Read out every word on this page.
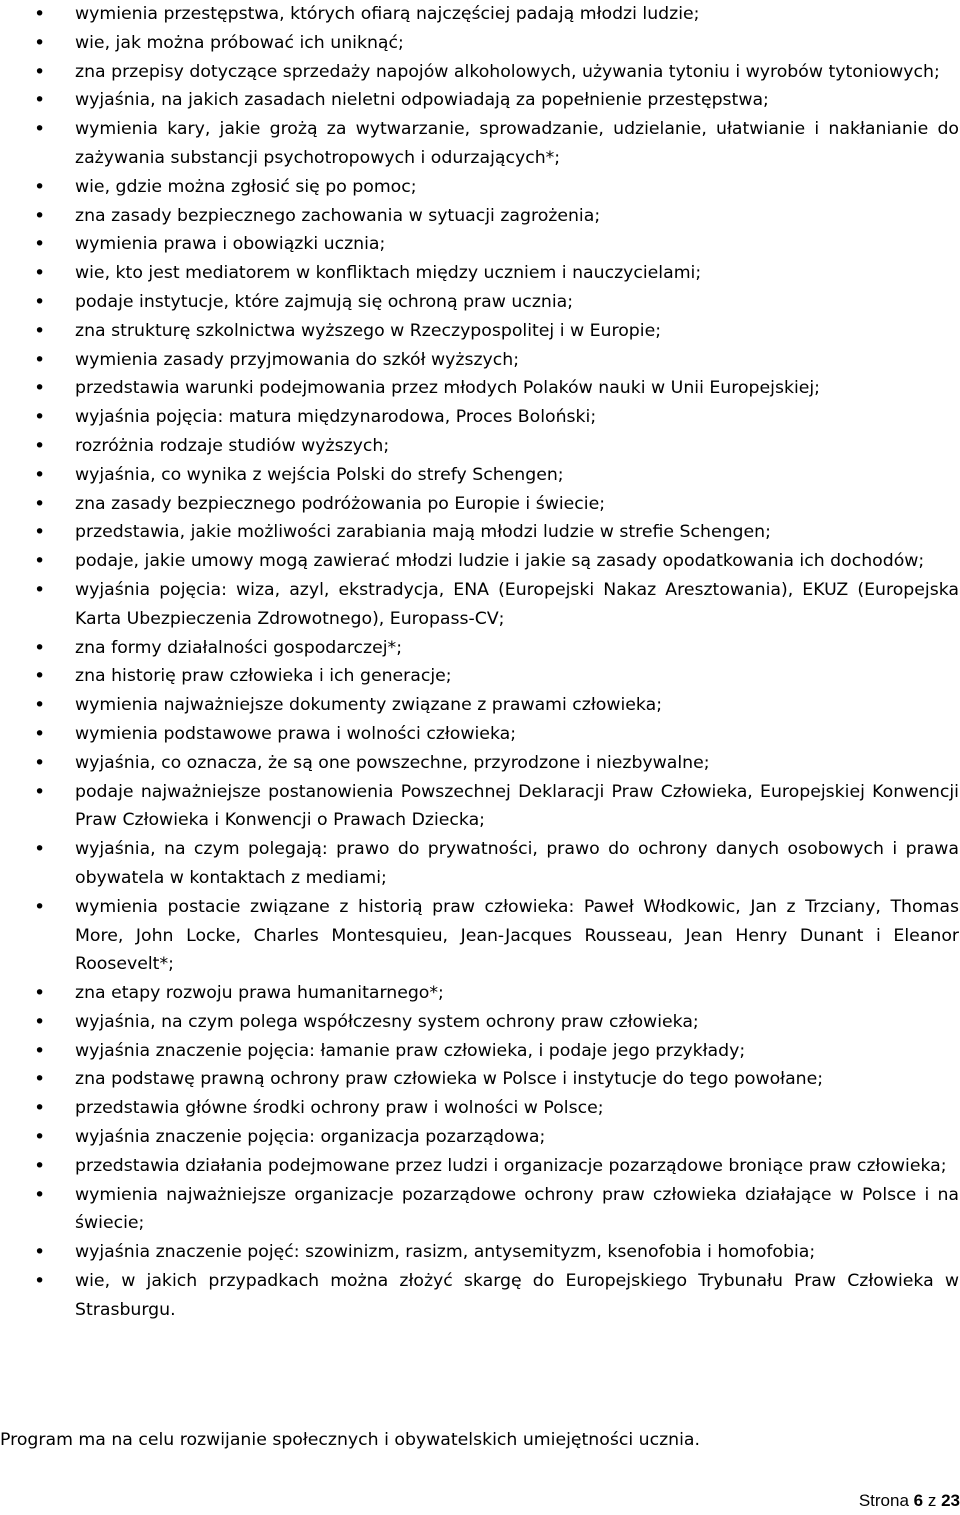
• wymienia przestępstwa, których ofiarą najczęściej padają młodzi ludzie;
• wie, jak można próbować ich uniknąć;
• zna przepisy dotyczące sprzedaży napojów alkoholowych, używania tytoniu i wyrobów tytoniowych;
• wyjaśnia, na jakich zasadach nieletni odpowiadają za popełnienie przestępstwa;
• wymienia kary, jakie grożą za wytwarzanie, sprowadzanie, udzielanie, ułatwianie i nakłanianie do zażywania substancji psychotropowych i odurzających*;
• wie, gdzie można zgłosić się po pomoc;
• zna zasady bezpiecznego zachowania w sytuacji zagrożenia;
• wymienia prawa i obowiązki ucznia;
• wie, kto jest mediatorem w konfliktach między uczniem i nauczycielami;
• podaje instytucje, które zajmują się ochroną praw ucznia;
• zna strukturę szkolnictwa wyższego w Rzeczypospolitej i w Europie;
• wymienia zasady przyjmowania do szkół wyższych;
• przedstawia warunki podejmowania przez młodych Polaków nauki w Unii Europejskiej;
• wyjaśnia pojęcia: matura międzynarodowa, Proces Boloński;
• rozróżnia rodzaje studiów wyższych;
• wyjaśnia, co wynika z wejścia Polski do strefy Schengen;
• zna zasady bezpiecznego podróżowania po Europie i świecie;
• przedstawia, jakie możliwości zarabiania mają młodzi ludzie w strefie Schengen;
• podaje, jakie umowy mogą zawierać młodzi ludzie i jakie są zasady opodatkowania ich dochodów;
• wyjaśnia pojęcia: wiza, azyl, ekstradycja, ENA (Europejski Nakaz Aresztowania), EKUZ (Europejska Karta Ubezpieczenia Zdrowotnego), Europass-CV;
• zna formy działalności gospodarczej*;
• zna historię praw człowieka i ich generacje;
• wymienia najważniejsze dokumenty związane z prawami człowieka;
• wymienia podstawowe prawa i wolności człowieka;
• wyjaśnia, co oznacza, że są one powszechne, przyrodzone i niezbywalne;
• podaje najważniejsze postanowienia Powszechnej Deklaracji Praw Człowieka, Europejskiej Konwencji Praw Człowieka i Konwencji o Prawach Dziecka;
• wyjaśnia, na czym polegają: prawo do prywatności, prawo do ochrony danych osobowych i prawa obywatela w kontaktach z mediami;
• wymienia postacie związane z historią praw człowieka: Paweł Włodkowic, Jan z Trzciany, Thomas More, John Locke, Charles Montesquieu, Jean-Jacques Rousseau, Jean Henry Dunant i Eleanor Roosevelt*;
• zna etapy rozwoju prawa humanitarnego*;
• wyjaśnia, na czym polega współczesny system ochrony praw człowieka;
• wyjaśnia znaczenie pojęcia: łamanie praw człowieka, i podaje jego przykłady;
• zna podstawę prawną ochrony praw człowieka w Polsce i instytucje do tego powołane;
• przedstawia główne środki ochrony praw i wolności w Polsce;
• wyjaśnia znaczenie pojęcia: organizacja pozarządowa;
• przedstawia działania podejmowane przez ludzi i organizacje pozarządowe broniące praw człowieka;
• wymienia najważniejsze organizacje pozarządowe ochrony praw człowieka działające w Polsce i na świecie;
• wyjaśnia znaczenie pojęć: szowinizm, rasizm, antysemityzm, ksenofobia i homofobia;
• wie, w jakich przypadkach można złożyć skargę do Europejskiego Trybunału Praw Człowieka w Strasburgu.

Program ma na celu rozwijanie społecznych i obywatelskich umiejętności ucznia.

Strona 6 z 23
